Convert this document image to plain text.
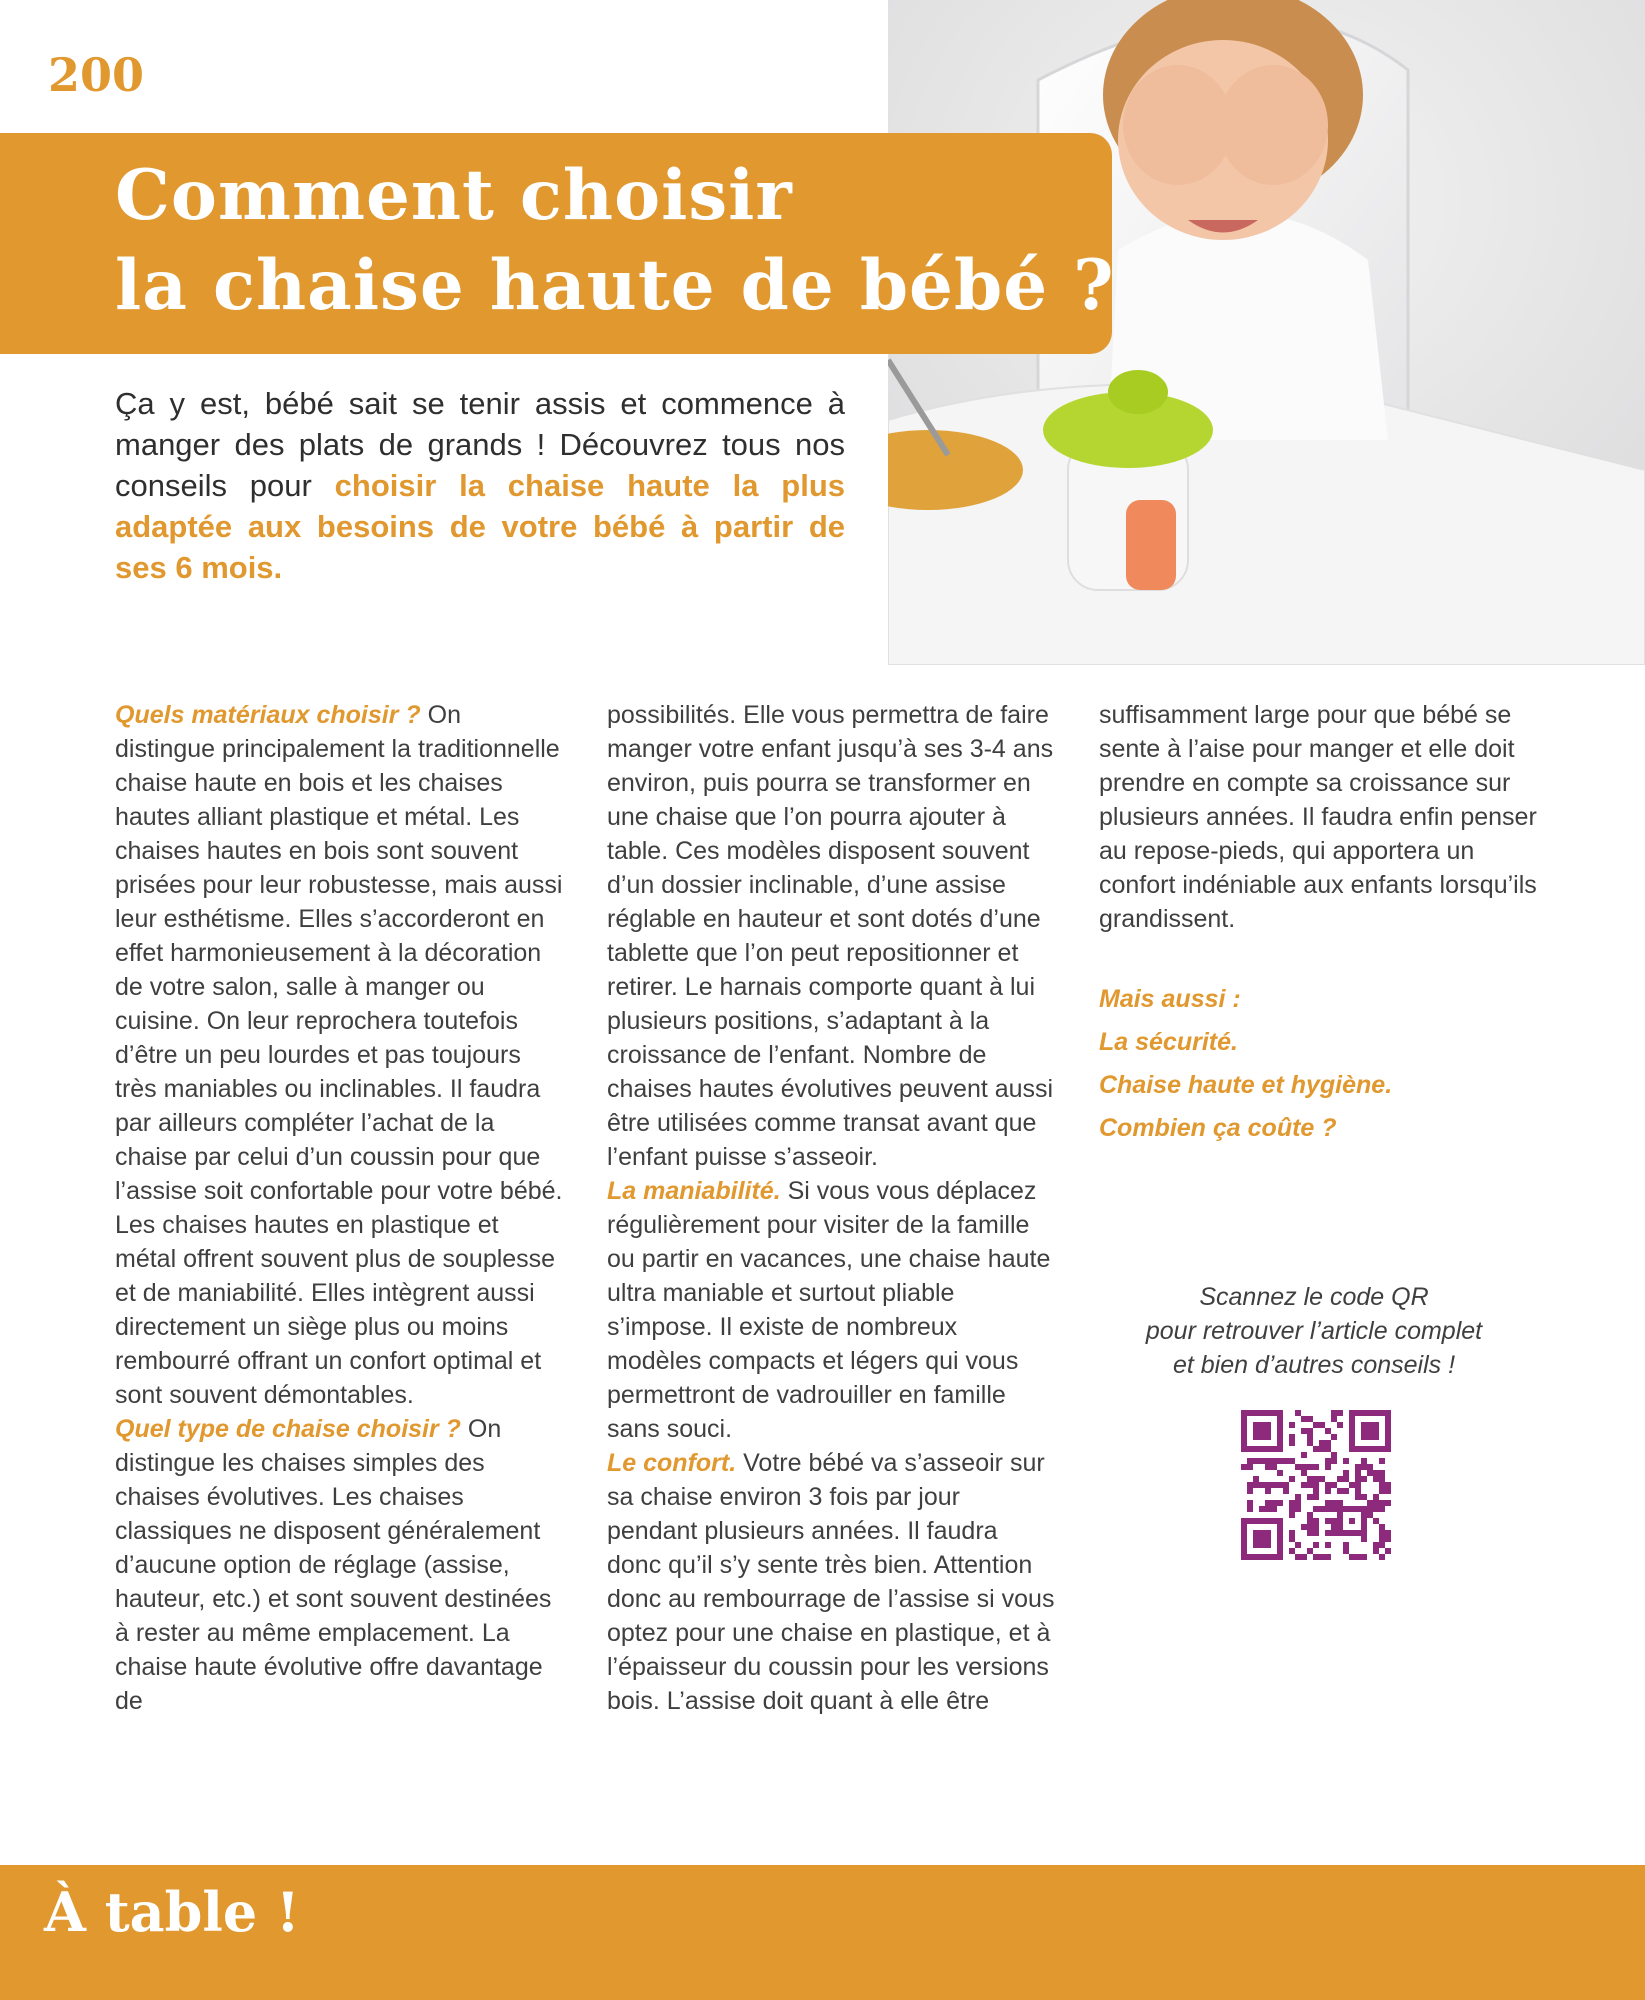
200
Comment choisir
la chaise haute de bébé ?
Ça y est, bébé sait se tenir assis et commence à manger des plats de grands ! Découvrez tous nos conseils pour choisir la chaise haute la plus adaptée aux besoins de votre bébé à partir de ses 6 mois.

Quels matériaux choisir ? On distingue principalement la traditionnelle chaise haute en bois et les chaises hautes alliant plastique et métal. Les chaises hautes en bois sont souvent prisées pour leur robustesse, mais aussi leur esthétisme. Elles s’accorderont en effet harmonieusement à la décoration de votre salon, salle à manger ou cuisine. On leur reprochera toutefois d’être un peu lourdes et pas toujours très maniables ou inclinables. Il faudra par ailleurs compléter l’achat de la chaise par celui d’un coussin pour que l’assise soit confortable pour votre bébé. Les chaises hautes en plastique et métal offrent souvent plus de souplesse et de maniabilité. Elles intègrent aussi directement un siège plus ou moins rembourré offrant un confort optimal et sont souvent démontables.

Quel type de chaise choisir ? On distingue les chaises simples des chaises évolutives. Les chaises classiques ne disposent généralement d’aucune option de réglage (assise, hauteur, etc.) et sont souvent destinées à rester au même emplacement. La chaise haute évolutive offre davantage de

possibilités. Elle vous permettra de faire manger votre enfant jusqu’à ses 3-4 ans environ, puis pourra se transformer en une chaise que l’on pourra ajouter à table. Ces modèles disposent souvent d’un dossier inclinable, d’une assise réglable en hauteur et sont dotés d’une tablette que l’on peut repositionner et retirer. Le harnais comporte quant à lui plusieurs positions, s’adaptant à la croissance de l’enfant. Nombre de chaises hautes évolutives peuvent aussi être utilisées comme transat avant que l’enfant puisse s’asseoir.

La maniabilité. Si vous vous déplacez régulièrement pour visiter de la famille ou partir en vacances, une chaise haute ultra maniable et surtout pliable s’impose. Il existe de nombreux modèles compacts et légers qui vous permettront de vadrouiller en famille sans souci.

Le confort. Votre bébé va s’asseoir sur sa chaise environ 3 fois par jour pendant plusieurs années. Il faudra donc qu’il s’y sente très bien. Attention donc au rembourrage de l’assise si vous optez pour une chaise en plastique, et à l’épaisseur du coussin pour les versions bois. L’assise doit quant à elle être

suffisamment large pour que bébé se sente à l’aise pour manger et elle doit prendre en compte sa croissance sur plusieurs années. Il faudra enfin penser au repose-pieds, qui apportera un confort indéniable aux enfants lorsqu’ils grandissent.

Mais aussi :
La sécurité.
Chaise haute et hygiène.
Combien ça coûte ?
Scannez le code QR
pour retrouver l’article complet
et bien d’autres conseils !
À table !
